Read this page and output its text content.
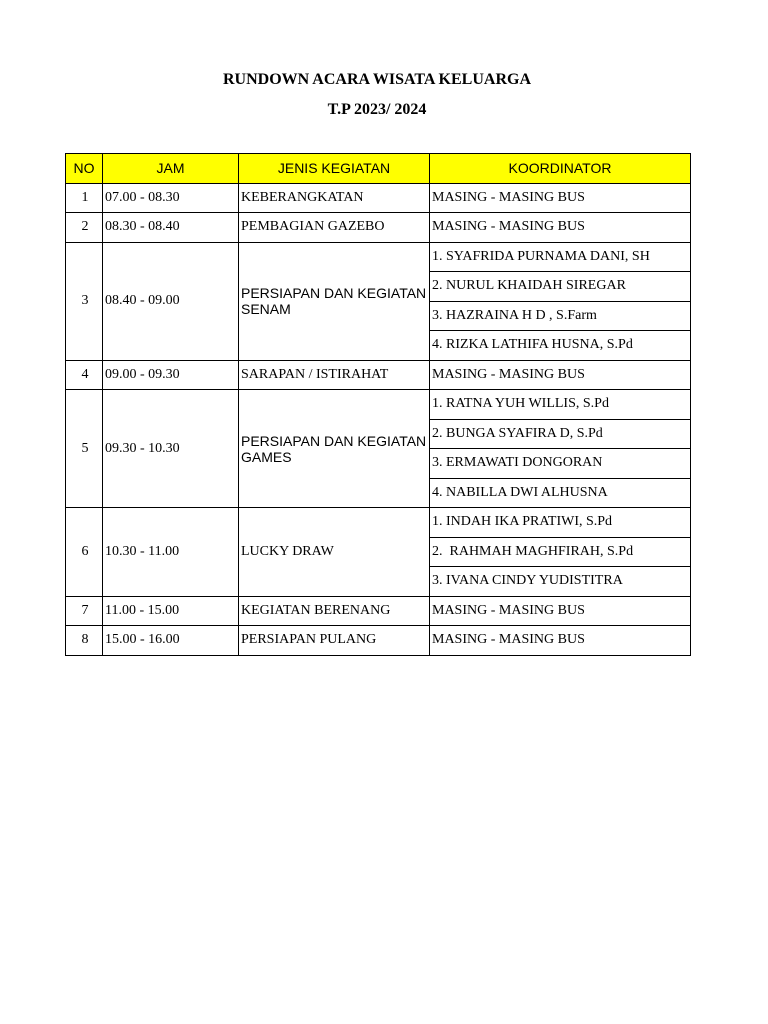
RUNDOWN ACARA WISATA KELUARGA
T.P 2023/ 2024
NO	JAM	JENIS KEGIATAN	KOORDINATOR
1	07.00 - 08.30	KEBERANGKATAN	MASING - MASING BUS
2	08.30 - 08.40	PEMBAGIAN GAZEBO	MASING - MASING BUS
3	08.40 - 09.00	PERSIAPAN DAN KEGIATAN SENAM	1. SYAFRIDA PURNAMA DANI, SH
			2. NURUL KHAIDAH SIREGAR
			3. HAZRAINA H D , S.Farm
			4. RIZKA LATHIFA HUSNA, S.Pd
4	09.00 - 09.30	SARAPAN / ISTIRAHAT	MASING - MASING BUS
5	09.30 - 10.30	PERSIAPAN DAN KEGIATAN GAMES	1. RATNA YUH WILLIS, S.Pd
			2. BUNGA SYAFIRA D, S.Pd
			3. ERMAWATI DONGORAN
			4. NABILLA DWI ALHUSNA
6	10.30 - 11.00	LUCKY DRAW	1. INDAH IKA PRATIWI, S.Pd
			2.  RAHMAH MAGHFIRAH, S.Pd
			3. IVANA CINDY YUDISTITRA
7	11.00 - 15.00	KEGIATAN BERENANG	MASING - MASING BUS
8	15.00 - 16.00	PERSIAPAN PULANG	MASING - MASING BUS
